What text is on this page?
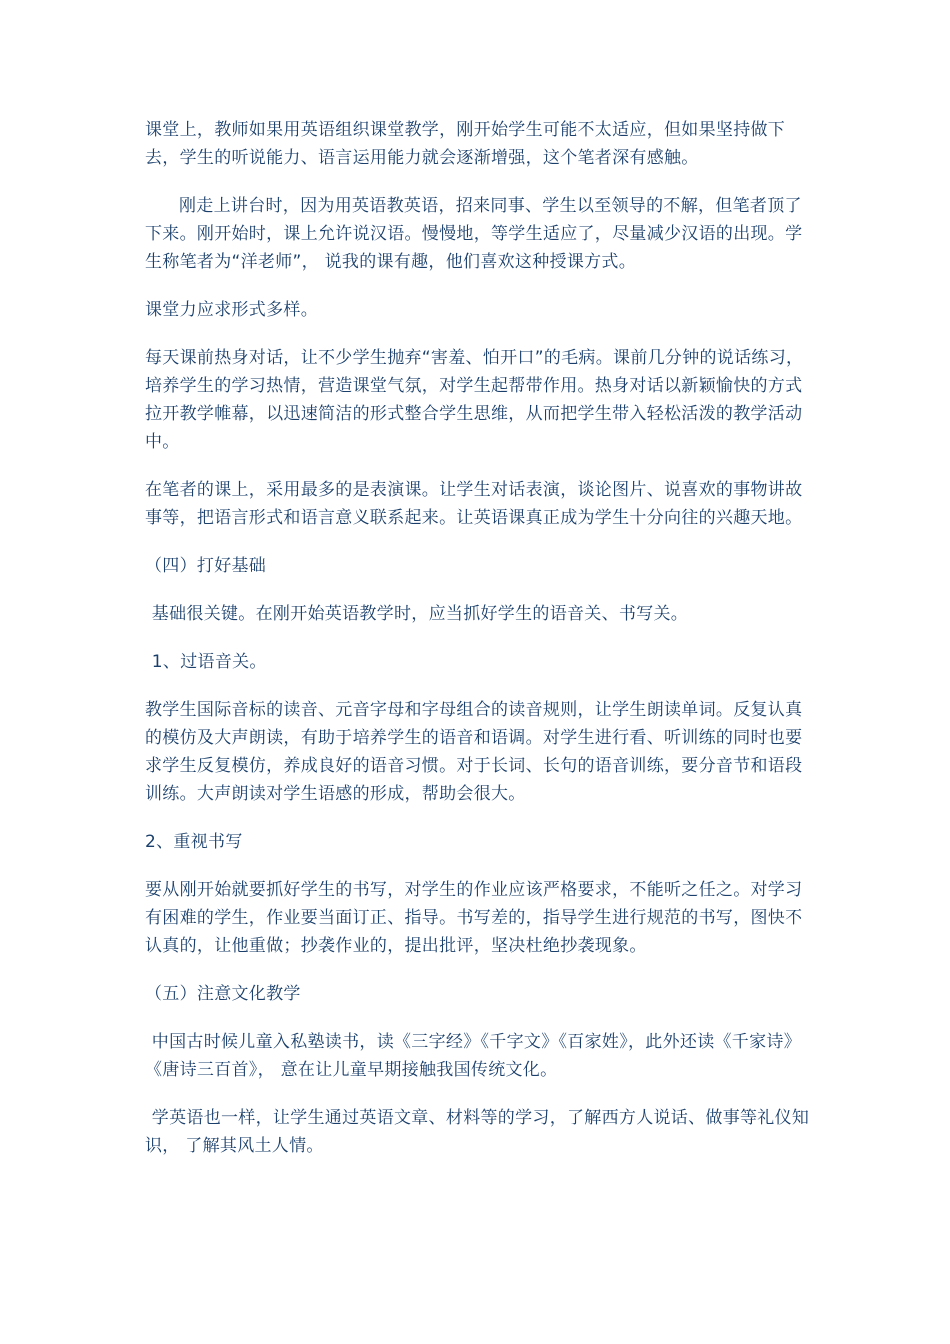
课堂上，教师如果用英语组织课堂教学，刚开始学生可能不太适应，但如果坚持做下去，学生的听说能力、语言运用能力就会逐渐增强，这个笔者深有感触。

刚走上讲台时，因为用英语教英语，招来同事、学生以至领导的不解，但笔者顶了下来。刚开始时，课上允许说汉语。慢慢地，等学生适应了，尽量减少汉语的出现。学生称笔者为“洋老师”， 说我的课有趣，他们喜欢这种授课方式。

课堂力应求形式多样。

每天课前热身对话，让不少学生抛弃“害羞、怕开口”的毛病。课前几分钟的说话练习，培养学生的学习热情，营造课堂气氛，对学生起帮带作用。热身对话以新颖愉快的方式拉开教学帷幕，以迅速简洁的形式整合学生思维，从而把学生带入轻松活泼的教学活动中。

在笔者的课上，采用最多的是表演课。让学生对话表演，谈论图片、说喜欢的事物讲故事等，把语言形式和语言意义联系起来。让英语课真正成为学生十分向往的兴趣天地。

（四）打好基础

基础很关键。在刚开始英语教学时，应当抓好学生的语音关、书写关。

1、过语音关。

教学生国际音标的读音、元音字母和字母组合的读音规则，让学生朗读单词。反复认真的模仿及大声朗读，有助于培养学生的语音和语调。对学生进行看、听训练的同时也要求学生反复模仿，养成良好的语音习惯。对于长词、长句的语音训练，要分音节和语段训练。大声朗读对学生语感的形成，帮助会很大。

2、重视书写

要从刚开始就要抓好学生的书写，对学生的作业应该严格要求，不能听之任之。对学习有困难的学生，作业要当面订正、指导。书写差的，指导学生进行规范的书写，图快不认真的，让他重做；抄袭作业的，提出批评，坚决杜绝抄袭现象。

（五）注意文化教学

中国古时候儿童入私塾读书，读《三字经》《千字文》《百家姓》，此外还读《千家诗》《唐诗三百首》， 意在让儿童早期接触我国传统文化。

学英语也一样，让学生通过英语文章、材料等的学习，了解西方人说话、做事等礼仪知识， 了解其风土人情。
